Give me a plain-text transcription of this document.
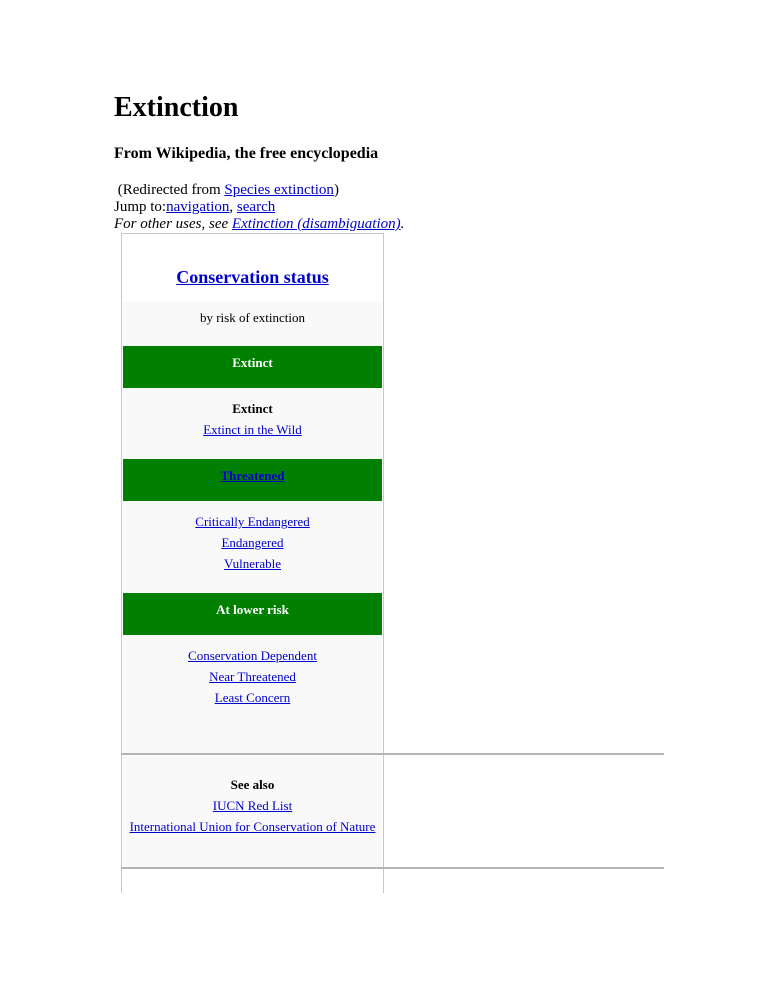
Extinction
From Wikipedia, the free encyclopedia
(Redirected from Species extinction)
Jump to:navigation, search
For other uses, see Extinction (disambiguation).
Conservation status
by risk of extinction
Extinct
Extinct
Extinct in the Wild
Threatened
Critically Endangered
Endangered
Vulnerable
At lower risk
Conservation Dependent
Near Threatened
Least Concern
See also
IUCN Red List
International Union for Conservation of Nature
